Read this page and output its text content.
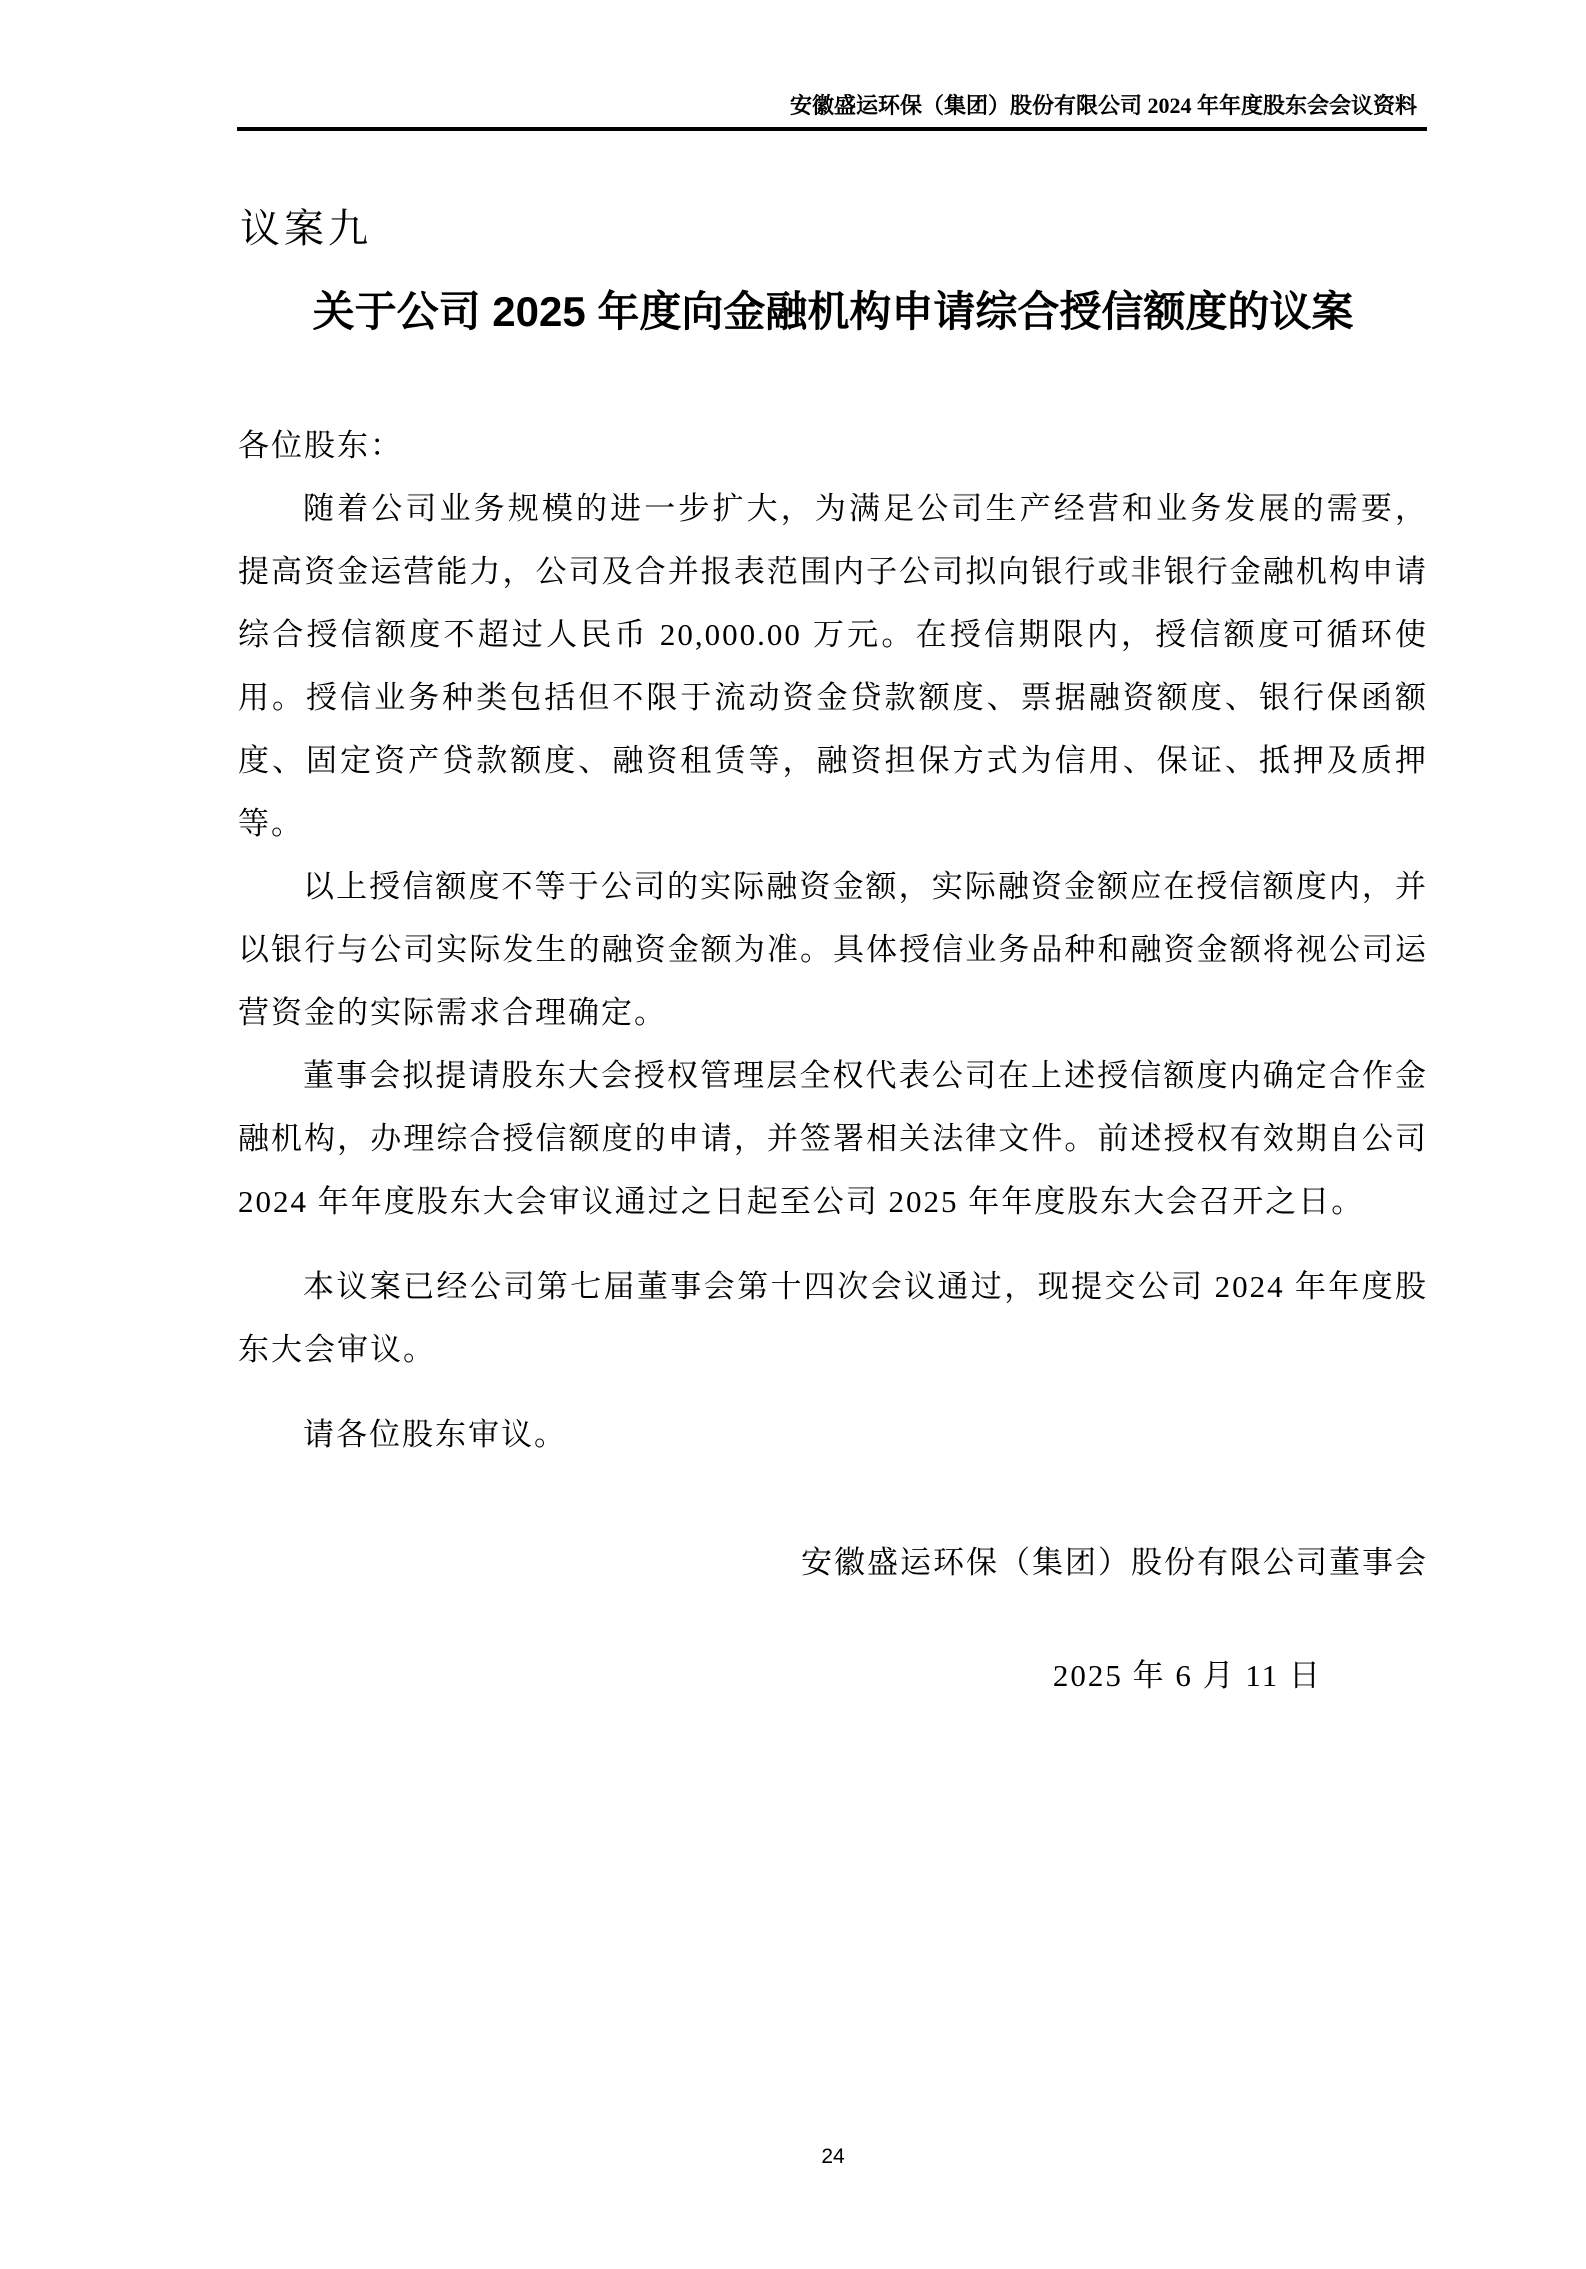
安徽盛运环保（集团）股份有限公司 2024 年年度股东会会议资料
议案九
关于公司 2025 年度向金融机构申请综合授信额度的议案

各位股东：

随着公司业务规模的进一步扩大，为满足公司生产经营和业务发展的需要， 提高资金运营能力，公司及合并报表范围内子公司拟向银行或非银行金融机构申请综合授信额度不超过人民币 20,000.00 万元。在授信期限内，授信额度可循环使用。授信业务种类包括但不限于流动资金贷款额度、票据融资额度、银行保函额度、固定资产贷款额度、融资租赁等，融资担保方式为信用、保证、抵押及质押等。

以上授信额度不等于公司的实际融资金额，实际融资金额应在授信额度内，并以银行与公司实际发生的融资金额为准。具体授信业务品种和融资金额将视公司运营资金的实际需求合理确定。

董事会拟提请股东大会授权管理层全权代表公司在上述授信额度内确定合作金融机构，办理综合授信额度的申请，并签署相关法律文件。前述授权有效期自公司 2024 年年度股东大会审议通过之日起至公司 2025 年年度股东大会召开之日。

本议案已经公司第七届董事会第十四次会议通过，现提交公司 2024 年年度股东大会审议。

请各位股东审议。

安徽盛运环保（集团）股份有限公司董事会

2025 年 6 月 11 日

24
